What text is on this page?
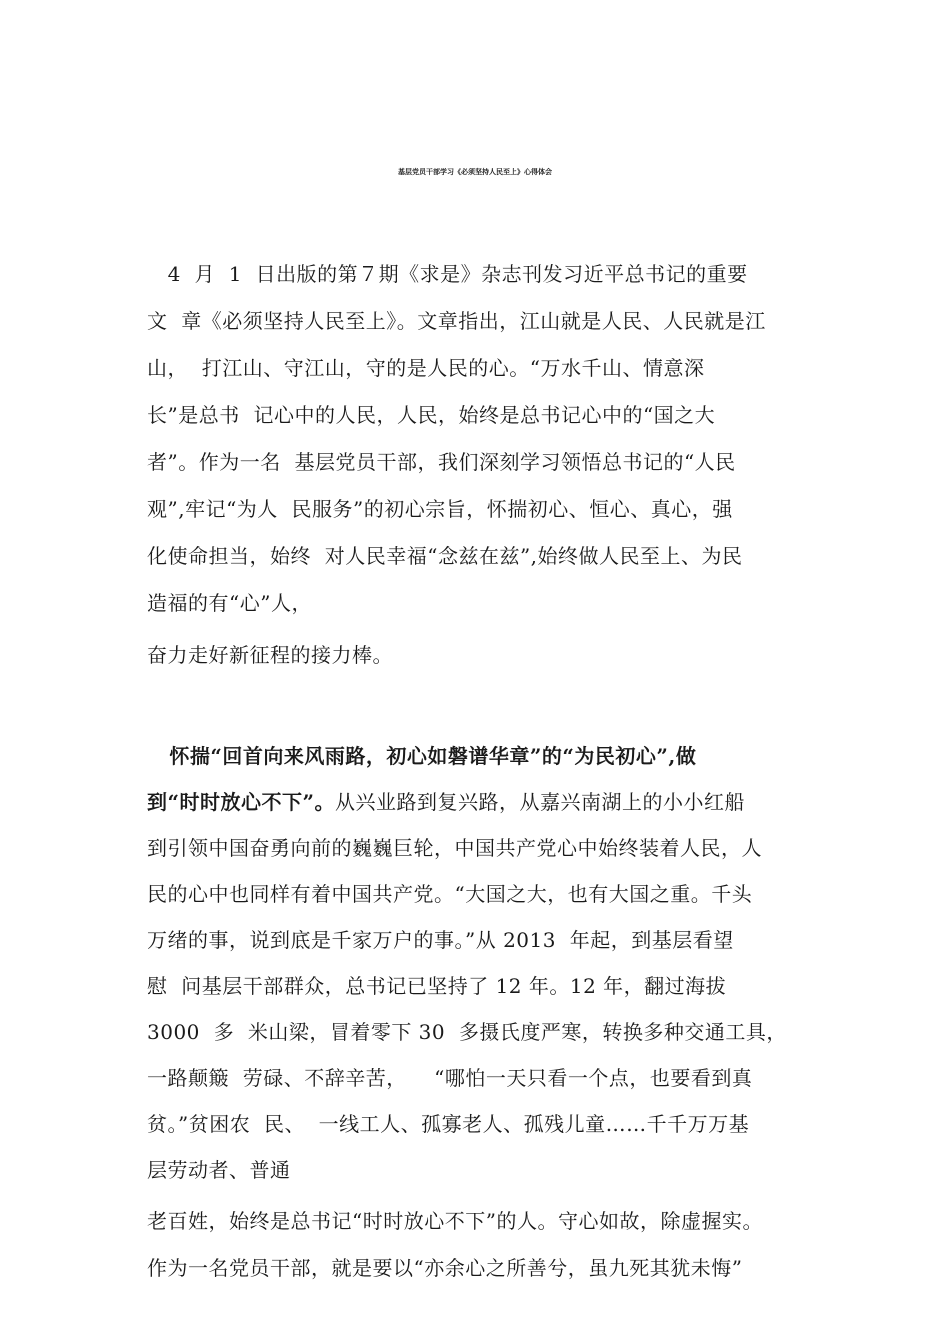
基层党员干部学习《必须坚持人民至上》心得体会
4  月  1  日出版的第７期《求是》杂志刊发习近平总书记的重要
文  章《必须坚持人民至上》。文章指出，江山就是人民、人民就是江
山，  打江山、守江山，守的是人民的心。“万水千山、情意深
长”是总书  记心中的人民，人民，始终是总书记心中的“国之大
者”。作为一名  基层党员干部，我们深刻学习领悟总书记的“人民
观”,牢记“为人  民服务”的初心宗旨，怀揣初心、恒心、真心，强
化使命担当，始终  对人民幸福“念兹在兹”,始终做人民至上、为民
造福的有“心”人，
奋力走好新征程的接力棒。
怀揣“回首向来风雨路，初心如磐谱华章”的“为民初心”,做
到“时时放心不下”。从兴业路到复兴路，从嘉兴南湖上的小小红船
到引领中国奋勇向前的巍巍巨轮，中国共产党心中始终装着人民，人
民的心中也同样有着中国共产党。“大国之大，也有大国之重。千头
万绪的事，说到底是千家万户的事。”从 2013  年起，到基层看望
慰  问基层干部群众，总书记已坚持了 12 年。12 年，翻过海拔
3000  多  米山梁，冒着零下 30  多摄氏度严寒，转换多种交通工具，
一路颠簸  劳碌、不辞辛苦，    “哪怕一天只看一个点，也要看到真
贫。”贫困农  民、  一线工人、孤寡老人、孤残儿童……千千万万基
层劳动者、普通
老百姓，始终是总书记“时时放心不下”的人。守心如故，除虚握实。
作为一名党员干部，就是要以“亦余心之所善兮，虽九死其犹未悔”
